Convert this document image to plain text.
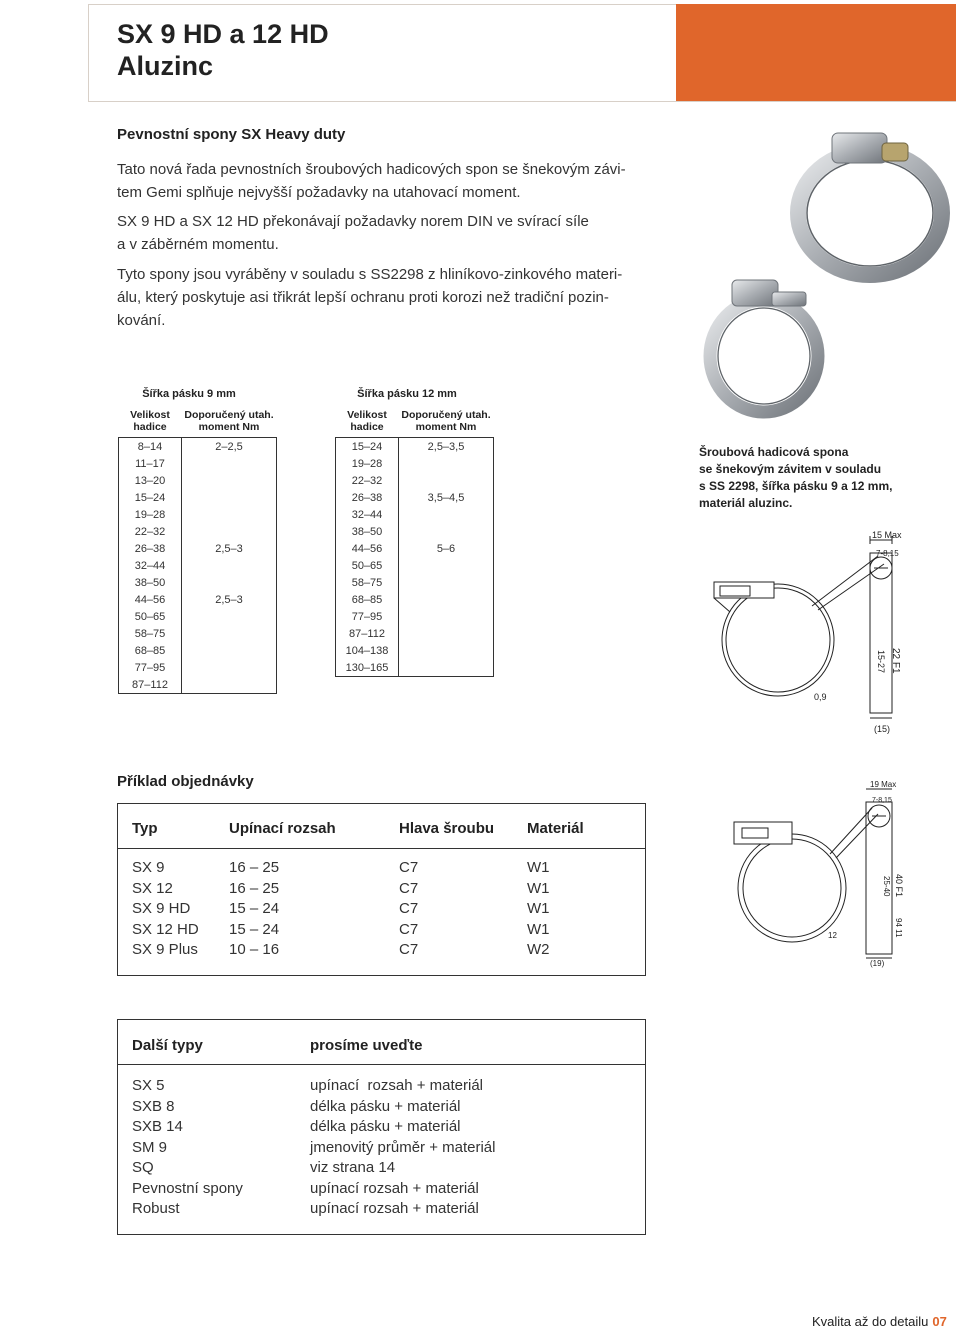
SX 9 HD a 12 HD
Aluzinc
Pevnostní spony SX Heavy duty
Tato nová řada pevnostních šroubových hadicových spon se šnekovým závi-
tem Gemi splňuje nejvyšší požadavky na utahovací moment.
SX 9 HD a SX 12 HD překonávají požadavky norem DIN ve svírací síle
a v záběrném momentu.
Tyto spony jsou vyráběny v souladu s SS2298 z hliníkovo-zinkového materi-
álu, který poskytuje asi třikrát lepší ochranu proti korozi než tradiční pozin-
kování.
Šířka pásku 9 mm
Velikost
hadice	Doporučený utah.
moment Nm
8–14	2–2,5
11–17	
13–20	
15–24	
19–28	
22–32	
26–38	2,5–3
32–44	
38–50	
44–56	2,5–3
50–65	
58–75	
68–85	
77–95	
87–112	
Šířka pásku 12 mm
Velikost
hadice	Doporučený utah.
moment Nm
15–24	2,5–3,5
19–28	
22–32	
26–38	3,5–4,5
32–44	
38–50	
44–56	5–6
50–65	
58–75	
68–85	
77–95	
87–112	
104–138	
130–165	
Šroubová hadicová spona
se šnekovým závitem v souladu
s SS 2298, šířka pásku 9 a 12 mm,
materiál aluzinc.
15 Max
7-8,15
22 F1
15-27
0,9
(15)
Příklad objednávky
Typ	Upínací rozsah	Hlava šroubu Materiál
SX 9	16 – 25	C7	W1
SX 12	16 – 25	C7	W1
SX 9 HD	15 – 24	C7	W1
SX 12 HD 15 – 24	C7	W1
SX 9 Plus 10 – 16	C7	W2
19 Max
7-8,15
40 F1
25-40
94 11
12
(19)
Další typy	prosíme uveďte
SX 5	upínací  rozsah + materiál
SXB 8	délka pásku + materiál
SXB 14	délka pásku + materiál
SM 9	jmenovitý průměr + materiál
SQ	viz strana 14
Pevnostní spony	upínací rozsah + materiál
Robust	upínací rozsah + materiál
Kvalita až do detailu 07
